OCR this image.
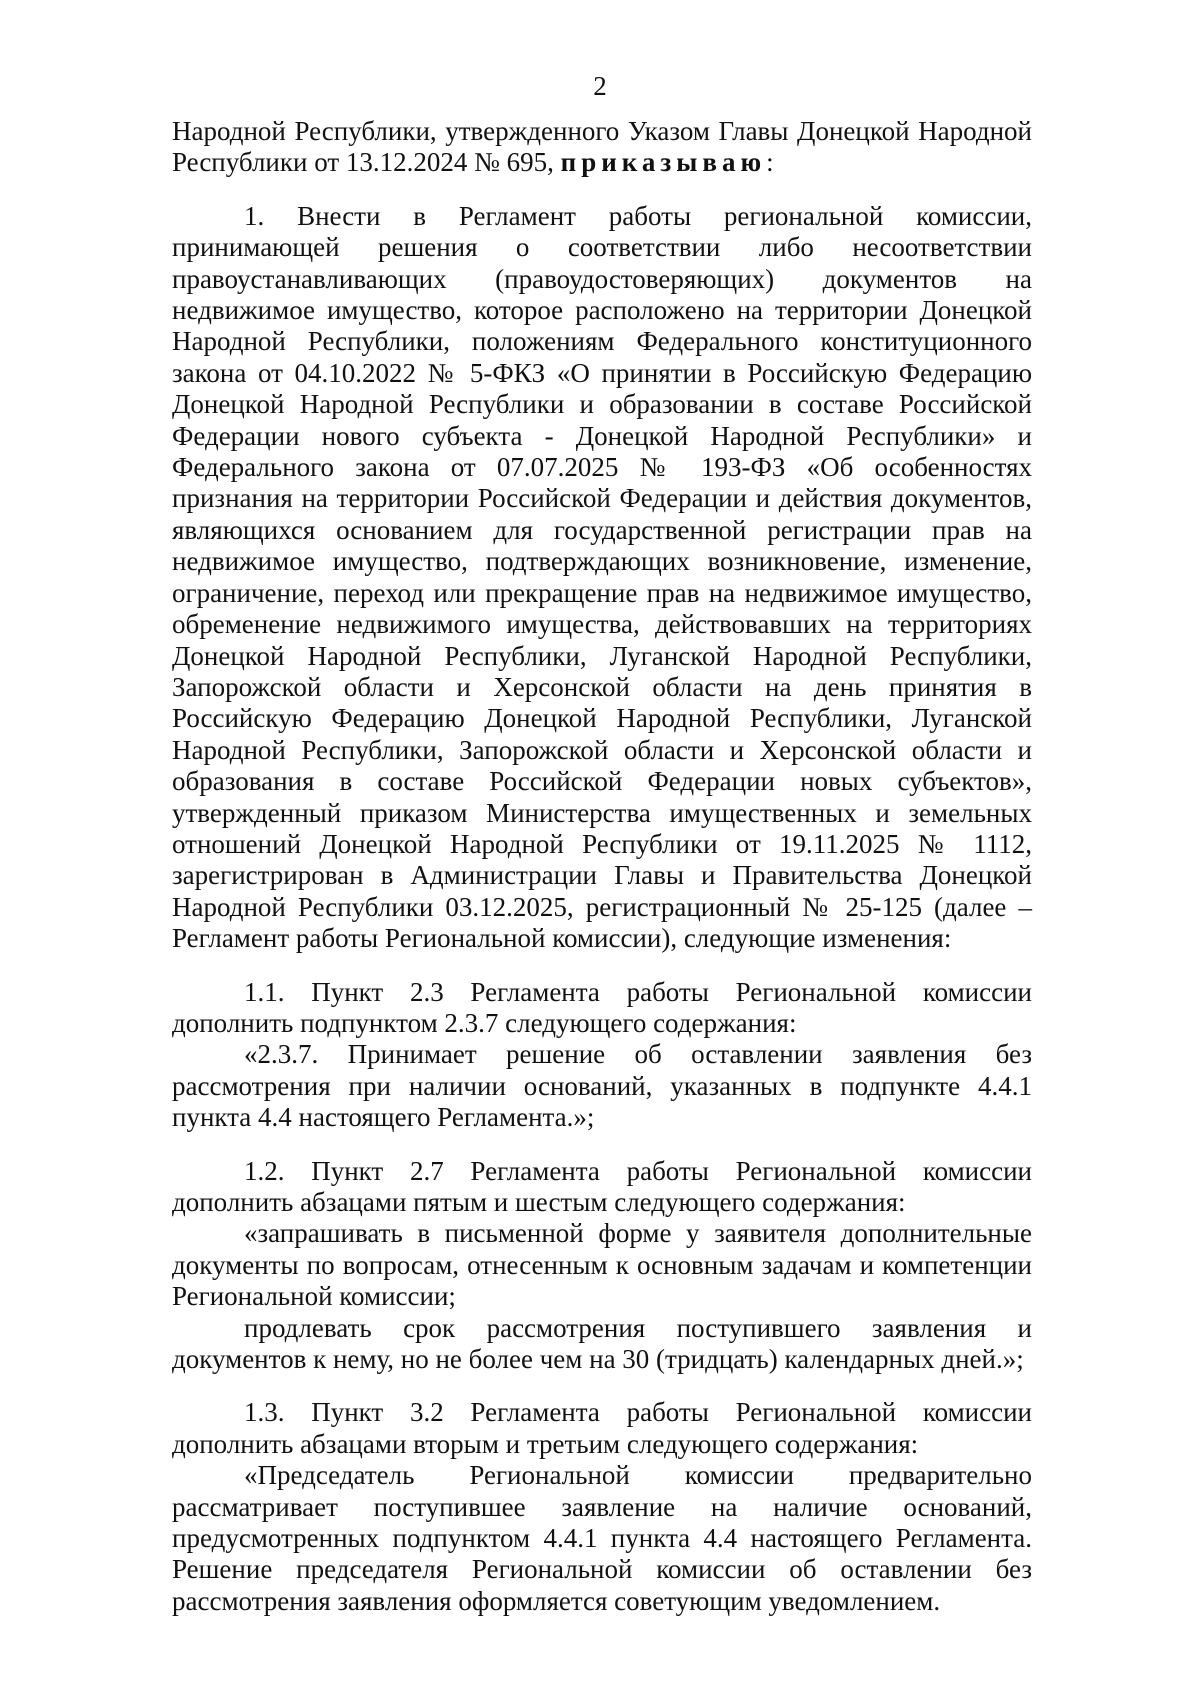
2

Народной Республики, утвержденного Указом Главы Донецкой Народной Республики от 13.12.2024 № 695, приказываю:

1. Внести в Регламент работы региональной комиссии, принимающей решения о соответствии либо несоответствии правоустанавливающих (правоудостоверяющих) документов на недвижимое имущество, которое расположено на территории Донецкой Народной Республики, положениям Федерального конституционного закона от 04.10.2022 № 5-ФКЗ «О принятии в Российскую Федерацию Донецкой Народной Республики и образовании в составе Российской Федерации нового субъекта - Донецкой Народной Республики» и Федерального закона от 07.07.2025 № 193-ФЗ «Об особенностях признания на территории Российской Федерации и действия документов, являющихся основанием для государственной регистрации прав на недвижимое имущество, подтверждающих возникновение, изменение, ограничение, переход или прекращение прав на недвижимое имущество, обременение недвижимого имущества, действовавших на территориях Донецкой Народной Республики, Луганской Народной Республики, Запорожской области и Херсонской области на день принятия в Российскую Федерацию Донецкой Народной Республики, Луганской Народной Республики, Запорожской области и Херсонской области и образования в составе Российской Федерации новых субъектов», утвержденный приказом Министерства имущественных и земельных отношений Донецкой Народной Республики от 19.11.2025 № 1112, зарегистрирован в Администрации Главы и Правительства Донецкой Народной Республики 03.12.2025, регистрационный № 25-125 (далее – Регламент работы Региональной комиссии), следующие изменения:

1.1. Пункт 2.3 Регламента работы Региональной комиссии дополнить подпунктом 2.3.7 следующего содержания:

«2.3.7. Принимает решение об оставлении заявления без рассмотрения при наличии оснований, указанных в подпункте 4.4.1 пункта 4.4 настоящего Регламента.»;

1.2. Пункт 2.7 Регламента работы Региональной комиссии дополнить абзацами пятым и шестым следующего содержания:

«запрашивать в письменной форме у заявителя дополнительные документы по вопросам, отнесенным к основным задачам и компетенции Региональной комиссии;

продлевать срок рассмотрения поступившего заявления и документов к нему, но не более чем на 30 (тридцать) календарных дней.»;

1.3. Пункт 3.2 Регламента работы Региональной комиссии дополнить абзацами вторым и третьим следующего содержания:

«Председатель Региональной комиссии предварительно рассматривает поступившее заявление на наличие оснований, предусмотренных подпунктом 4.4.1 пункта 4.4 настоящего Регламента. Решение председателя Региональной комиссии об оставлении без рассмотрения заявления оформляется советующим уведомлением.
